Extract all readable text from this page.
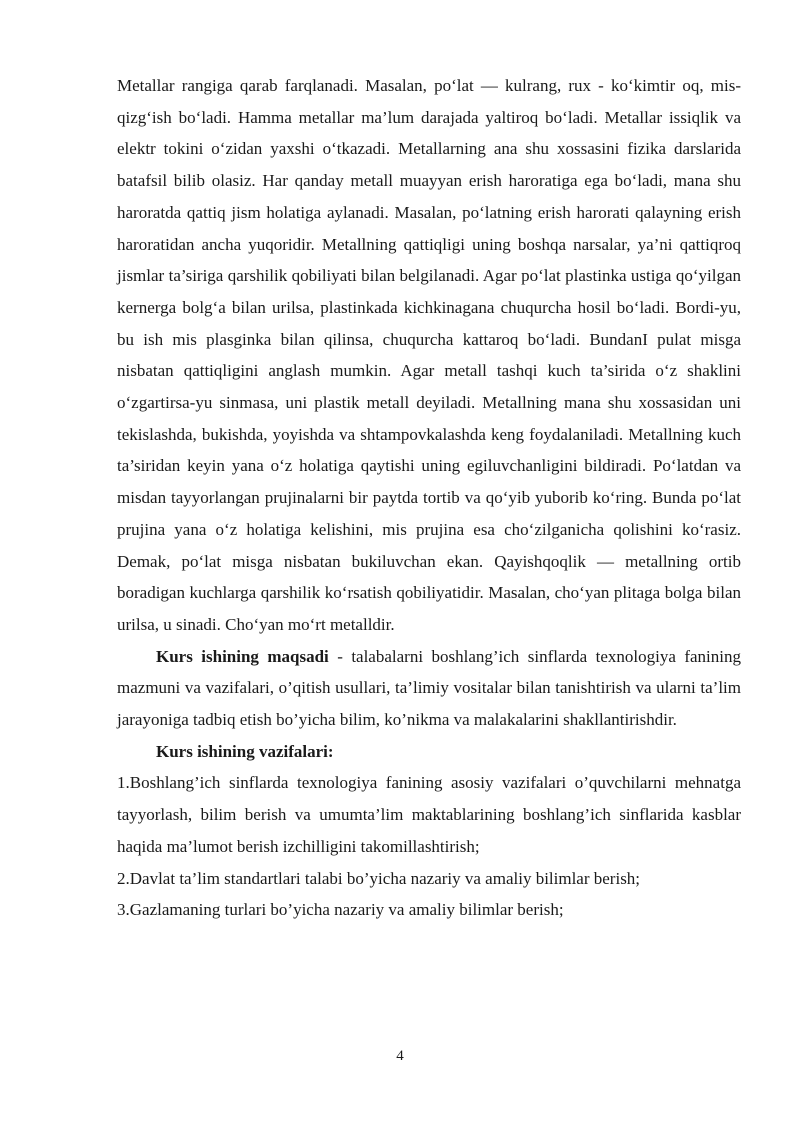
Metallar rangiga qarab farqlanadi. Masalan, po‘lat — kulrang, rux - ko‘kimtir oq, mis- qizg‘ish bo‘ladi. Hamma metallar ma’lum darajada yaltiroq bo‘ladi. Metallar issiqlik va elektr tokini o‘zidan yaxshi o‘tkazadi. Metallarning ana shu xossasini fizika darslarida batafsil bilib olasiz. Har qanday metall muayyan erish haroratiga ega bo‘ladi, mana shu haroratda qattiq jism holatiga aylanadi. Masalan, po‘latning erish harorati qalayning erish haroratidan ancha yuqoridir. Metallning qattiqligi uning boshqa narsalar, ya’ni qattiqroq jismlar ta’siriga qarshilik qobiliyati bilan belgilanadi. Agar po‘lat plastinka ustiga qo‘yilgan kernerga bolg‘a bilan urilsa, plastinkada kichkinagana chuqurcha hosil bo‘ladi. Bordi-yu, bu ish mis plasginka bilan qilinsa, chuqurcha kattaroq bo‘ladi. BundanI pulat misga nisbatan qattiqligini anglash mumkin. Agar metall tashqi kuch ta’sirida o‘z shaklini o‘zgartirsa-yu sinmasa, uni plastik metall deyiladi. Metallning mana shu xossasidan uni tekislashda, bukishda, yoyishda va shtampovkalashda keng foydalaniladi. Metallning kuch ta’siridan keyin yana o‘z holatiga qaytishi uning egiluvchanligini bildiradi. Po‘latdan va misdan tayyorlangan prujinalarni bir paytda tortib va qo‘yib yuborib ko‘ring. Bunda po‘lat prujina yana o‘z holatiga kelishini, mis prujina esa cho‘zilganicha qolishini ko‘rasiz. Demak, po‘lat misga nisbatan bukiluvchan ekan. Qayishqoqlik — metallning ortib boradigan kuchlarga qarshilik ko‘rsatish qobiliyatidir. Masalan, cho‘yan plitaga bolga bilan urilsa, u sinadi. Cho‘yan mo‘rt metalldir.

Kurs ishining maqsadi - talabalarni boshlang’ich sinflarda texnologiya fanining mazmuni va vazifalari, o’qitish usullari, ta’limiy vositalar bilan tanishtirish va ularni ta’lim jarayoniga tadbiq etish bo’yicha bilim, ko’nikma va malakalarini shakllantirishdir.

Kurs ishining vazifalari:

1.Boshlang’ich sinflarda texnologiya fanining asosiy vazifalari o’quvchilarni mehnatga tayyorlash, bilim berish va umumta’lim maktablarining boshlang’ich sinflarida kasblar haqida ma’lumot berish izchilligini takomillashtirish;
2.Davlat ta’lim standartlari talabi bo’yicha nazariy va amaliy bilimlar berish;
3.Gazlamaning turlari bo’yicha nazariy va amaliy bilimlar berish;
4
